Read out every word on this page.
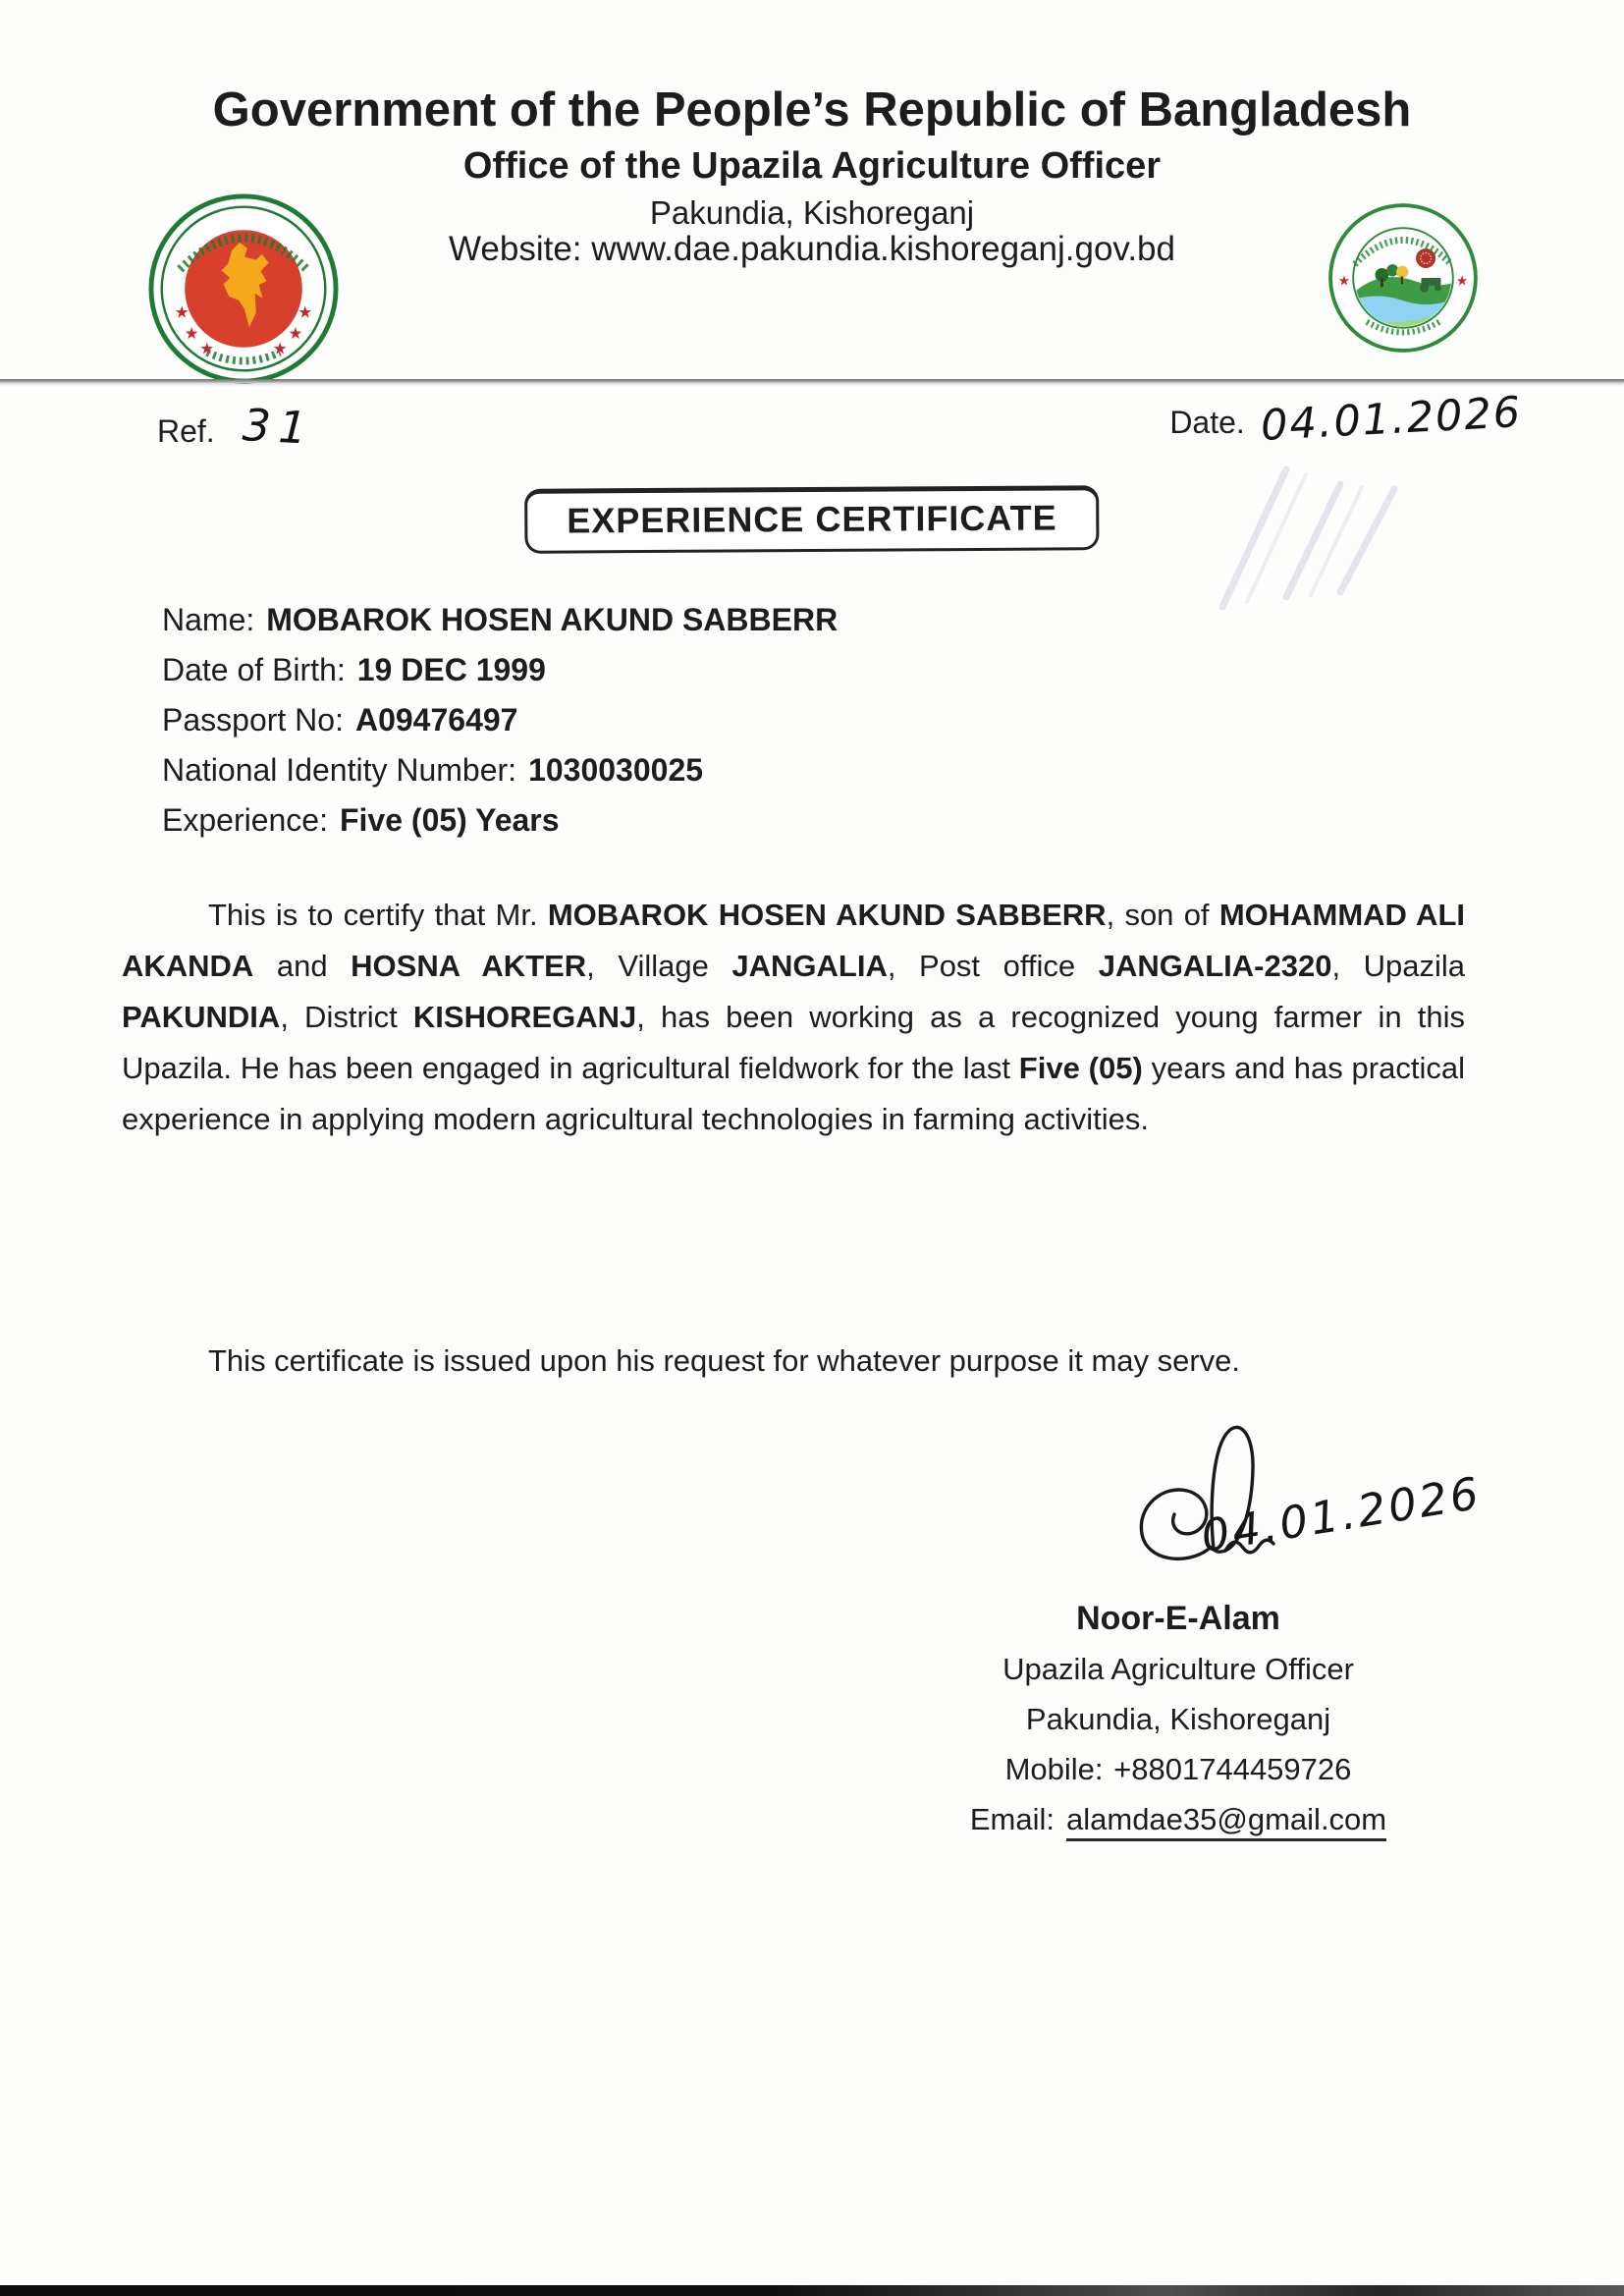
Government of the People’s Republic of Bangladesh
Office of the Upazila Agriculture Officer
Pakundia, Kishoreganj
Website: www.dae.pakundia.kishoreganj.gov.bd
★
★
★
★
★
★
★	★
Ref. 31	Date. 04.01.2026
EXPERIENCE CERTIFICATE
Name: MOBAROK HOSEN AKUND SABBERR
Date of Birth: 19 DEC 1999
Passport No: A09476497
National Identity Number: 1030030025
Experience: Five (05) Years
This is to certify that Mr. MOBAROK HOSEN AKUND SABBERR, son of MOHAMMAD ALI AKANDA and HOSNA AKTER, Village JANGALIA, Post office JANGALIA-2320, Upazila PAKUNDIA, District KISHOREGANJ, has been working as a recognized young farmer in this Upazila. He has been engaged in agricultural fieldwork for the last Five (05) years and has practical experience in applying modern agricultural technologies in farming activities.
This certificate is issued upon his request for whatever purpose it may serve.
04.01.2026
Noor-E-Alam
Upazila Agriculture Officer
Pakundia, Kishoreganj
Mobile: +8801744459726
Email: alamdae35@gmail.com
